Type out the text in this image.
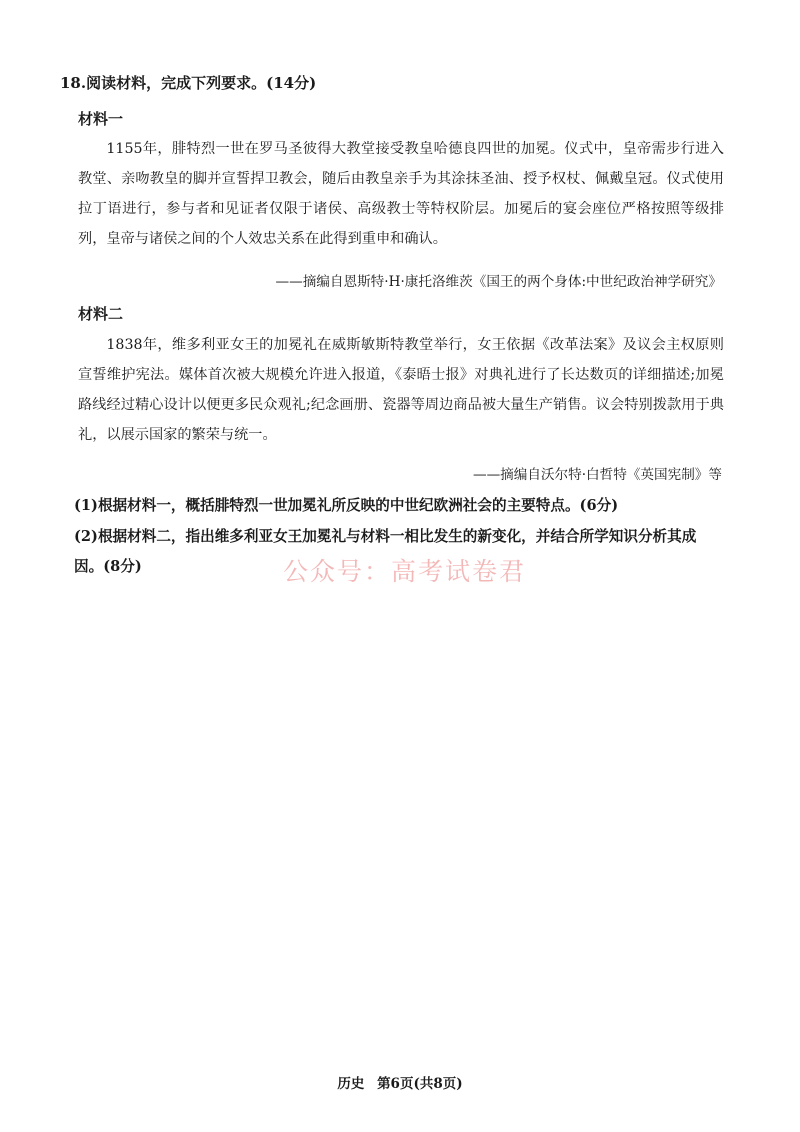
18.阅读材料，完成下列要求。(14分)
材料一

1155年，腓特烈一世在罗马圣彼得大教堂接受教皇哈德良四世的加冕。仪式中，皇帝需步行进入教堂、亲吻教皇的脚并宣誓捍卫教会，随后由教皇亲手为其涂抹圣油、授予权杖、佩戴皇冠。仪式使用拉丁语进行，参与者和见证者仅限于诸侯、高级教士等特权阶层。加冕后的宴会座位严格按照等级排列，皇帝与诸侯之间的个人效忠关系在此得到重申和确认。

——摘编自恩斯特·H·康托洛维茨《国王的两个身体:中世纪政治神学研究》
材料二

1838年，维多利亚女王的加冕礼在威斯敏斯特教堂举行，女王依据《改革法案》及议会主权原则宣誓维护宪法。媒体首次被大规模允许进入报道，《泰晤士报》对典礼进行了长达数页的详细描述;加冕路线经过精心设计以便更多民众观礼;纪念画册、瓷器等周边商品被大量生产销售。议会特别拨款用于典礼，以展示国家的繁荣与统一。

——摘编自沃尔特·白哲特《英国宪制》等

(1)根据材料一，概括腓特烈一世加冕礼所反映的中世纪欧洲社会的主要特点。(6分)

(2)根据材料二，指出维多利亚女王加冕礼与材料一相比发生的新变化，并结合所学知识分析其成因。(8分)	公众号：高考试卷君
历史 第6页(共8页)
